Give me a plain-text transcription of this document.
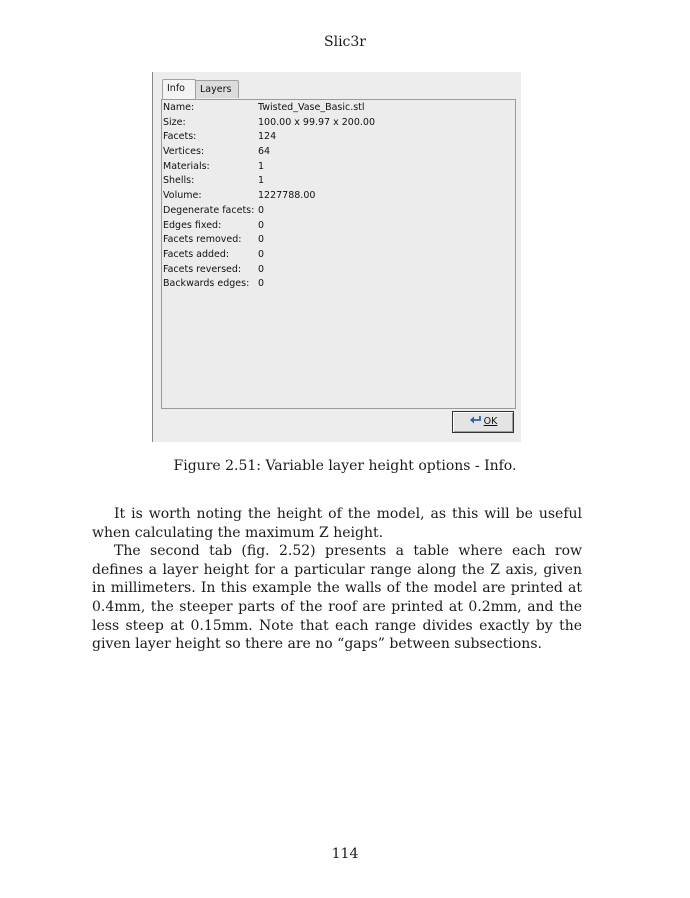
Slic3r
Info	Layers
Name:	Twisted_Vase_Basic.stl
Size:	100.00 x 99.97 x 200.00
Facets:	124
Vertices:	64
Materials:	1
Shells:	1
Volume:	1227788.00
Degenerate facets: 0
Edges fixed:	0
Facets removed: 0
Facets added:	0
Facets reversed: 0
Backwards edges: 0
OK
Figure 2.51: Variable layer height options - Info.

It is worth noting the height of the model, as this will be useful when calculating the maximum Z height.

The second tab (fig. 2.52) presents a table where each row defines a layer height for a particular range along the Z axis, given in millimeters. In this example the walls of the model are printed at 0.4mm, the steeper parts of the roof are printed at 0.2mm, and the less steep at 0.15mm. Note that each range divides exactly by the given layer height so there are no “gaps” between subsections.

114
